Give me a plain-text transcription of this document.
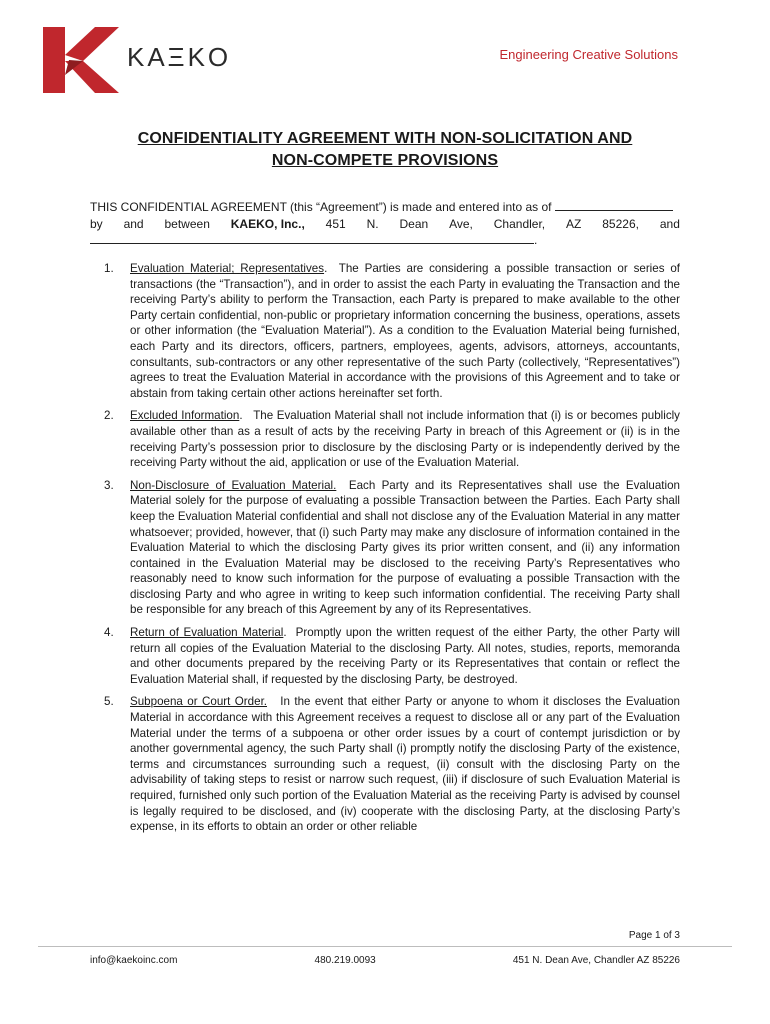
KAΞKO	Engineering Creative Solutions
CONFIDENTIALITY AGREEMENT WITH NON-SOLICITATION AND
NON-COMPETE PROVISIONS
THIS CONFIDENTIAL AGREEMENT (this “Agreement”) is made and entered into as of
by and between KAEKO, Inc., 451 N. Dean Ave, Chandler, AZ 85226, and
.
1.	Evaluation Material; Representatives. The Parties are considering a possible transaction or series of transactions (the “Transaction”), and in order to assist the each Party in evaluating the Transaction and the receiving Party’s ability to perform the Transaction, each Party is prepared to make available to the other Party certain confidential, non-public or proprietary information concerning the business, operations, assets or other information (the “Evaluation Material”). As a condition to the Evaluation Material being furnished, each Party and its directors, officers, partners, employees, agents, advisors, attorneys, accountants, consultants, sub-contractors or any other representative of the such Party (collectively, “Representatives”) agrees to treat the Evaluation Material in accordance with the provisions of this Agreement and to take or abstain from taking certain other actions hereinafter set forth.
2.	Excluded Information. The Evaluation Material shall not include information that (i) is or becomes publicly available other than as a result of acts by the receiving Party in breach of this Agreement or (ii) is in the receiving Party’s possession prior to disclosure by the disclosing Party or is independently derived by the receiving Party without the aid, application or use of the Evaluation Material.
3.	Non-Disclosure of Evaluation Material. Each Party and its Representatives shall use the Evaluation Material solely for the purpose of evaluating a possible Transaction between the Parties. Each Party shall keep the Evaluation Material confidential and shall not disclose any of the Evaluation Material in any matter whatsoever; provided, however, that (i) such Party may make any disclosure of information contained in the Evaluation Material to which the disclosing Party gives its prior written consent, and (ii) any information contained in the Evaluation Material may be disclosed to the receiving Party’s Representatives who reasonably need to know such information for the purpose of evaluating a possible Transaction with the disclosing Party and who agree in writing to keep such information confidential. The receiving Party shall be responsible for any breach of this Agreement by any of its Representatives.
4.	Return of Evaluation Material. Promptly upon the written request of the either Party, the other Party will return all copies of the Evaluation Material to the disclosing Party. All notes, studies, reports, memoranda and other documents prepared by the receiving Party or its Representatives that contain or reflect the Evaluation Material shall, if requested by the disclosing Party, be destroyed.
5.	Subpoena or Court Order. In the event that either Party or anyone to whom it discloses the Evaluation Material in accordance with this Agreement receives a request to disclose all or any part of the Evaluation Material under the terms of a subpoena or other order issues by a court of contempt jurisdiction or by another governmental agency, the such Party shall (i) promptly notify the disclosing Party of the existence, terms and circumstances surrounding such a request, (ii) consult with the disclosing Party on the advisability of taking steps to resist or narrow such request, (iii) if disclosure of such Evaluation Material is required, furnished only such portion of the Evaluation Material as the receiving Party is advised by counsel is legally required to be disclosed, and (iv) cooperate with the disclosing Party, at the disclosing Party’s expense, in its efforts to obtain an order or other reliable
Page 1 of 3
info@kaekoinc.com	480.219.0093	451 N. Dean Ave, Chandler AZ 85226
